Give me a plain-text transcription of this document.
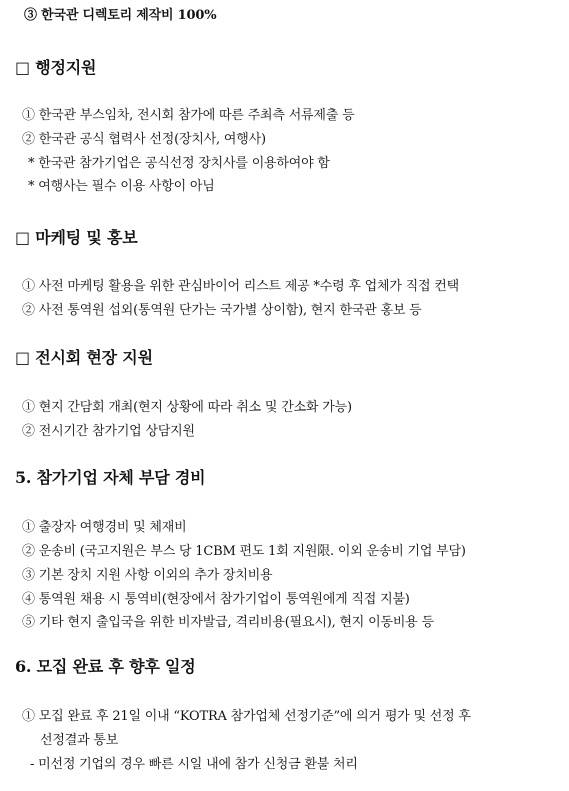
③ 한국관 디렉토리 제작비 100%
□ 행정지원
① 한국관 부스임차, 전시회 참가에 따른 주최측 서류제출 등
② 한국관 공식 협력사 선정(장치사, 여행사)
* 한국관 참가기업은 공식선정 장치사를 이용하여야 함
* 여행사는 필수 이용 사항이 아님
□ 마케팅 및 홍보
① 사전 마케팅 활용을 위한 관심바이어 리스트 제공 *수령 후 업체가 직접 컨택
② 사전 통역원 섭외(통역원 단가는 국가별 상이함), 현지 한국관 홍보 등
□ 전시회 현장 지원
① 현지 간담회 개최(현지 상황에 따라 취소 및 간소화 가능)
② 전시기간 참가기업 상담지원
5. 참가기업 자체 부담 경비
① 출장자 여행경비 및 체재비
② 운송비 (국고지원은 부스 당 1CBM 편도 1회 지원限. 이외 운송비 기업 부담)
③ 기본 장치 지원 사항 이외의 추가 장치비용
④ 통역원 채용 시 통역비(현장에서 참가기업이 통역원에게 직접 지불)
⑤ 기타 현지 출입국을 위한 비자발급, 격리비용(필요시), 현지 이동비용 등
6. 모집 완료 후 향후 일정
① 모집 완료 후 21일 이내 “KOTRA 참가업체 선정기준”에 의거 평가 및 선정 후
선정결과 통보
- 미선정 기업의 경우 빠른 시일 내에 참가 신청금 환불 처리
